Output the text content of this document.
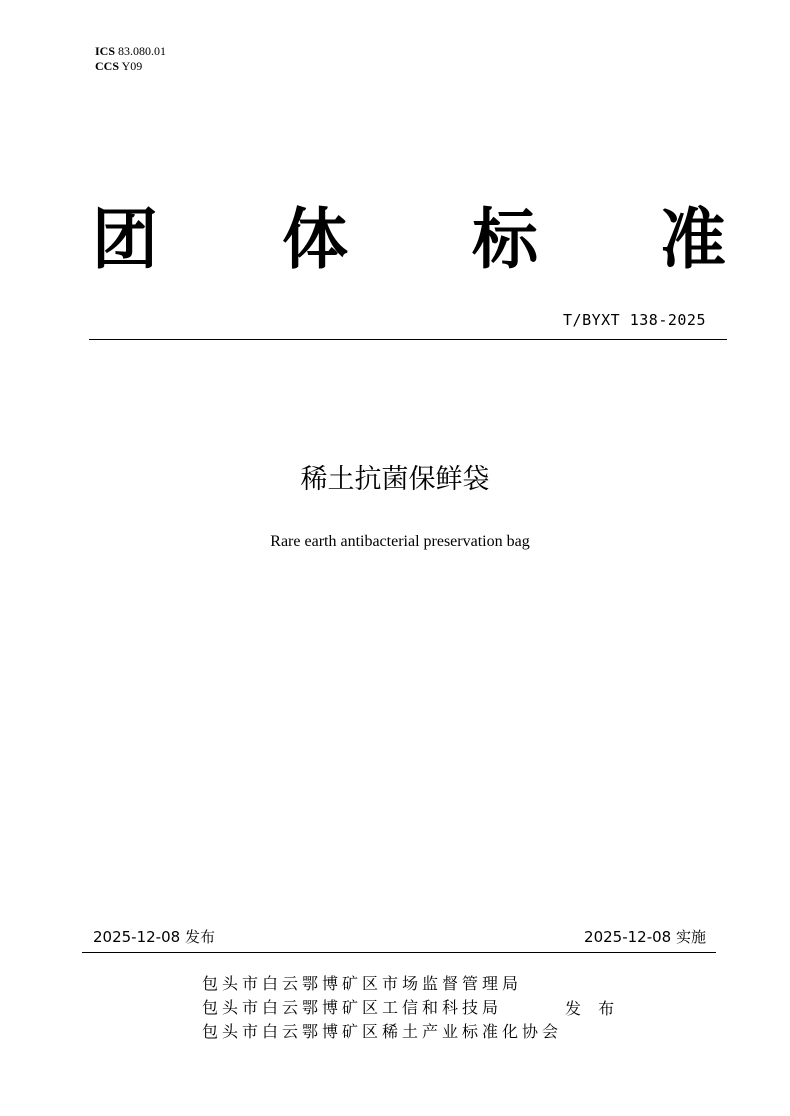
ICS 83.080.01
CCS Y09
团 体 标 准
T/BYXT 138-2025
稀土抗菌保鲜袋
Rare earth antibacterial preservation bag
2025-12-08 发布	2025-12-08 实施
包头市白云鄂博矿区市场监督管理局
包头市白云鄂博矿区工信和科技局
包头市白云鄂博矿区稀土产业标准化协会
发 布
